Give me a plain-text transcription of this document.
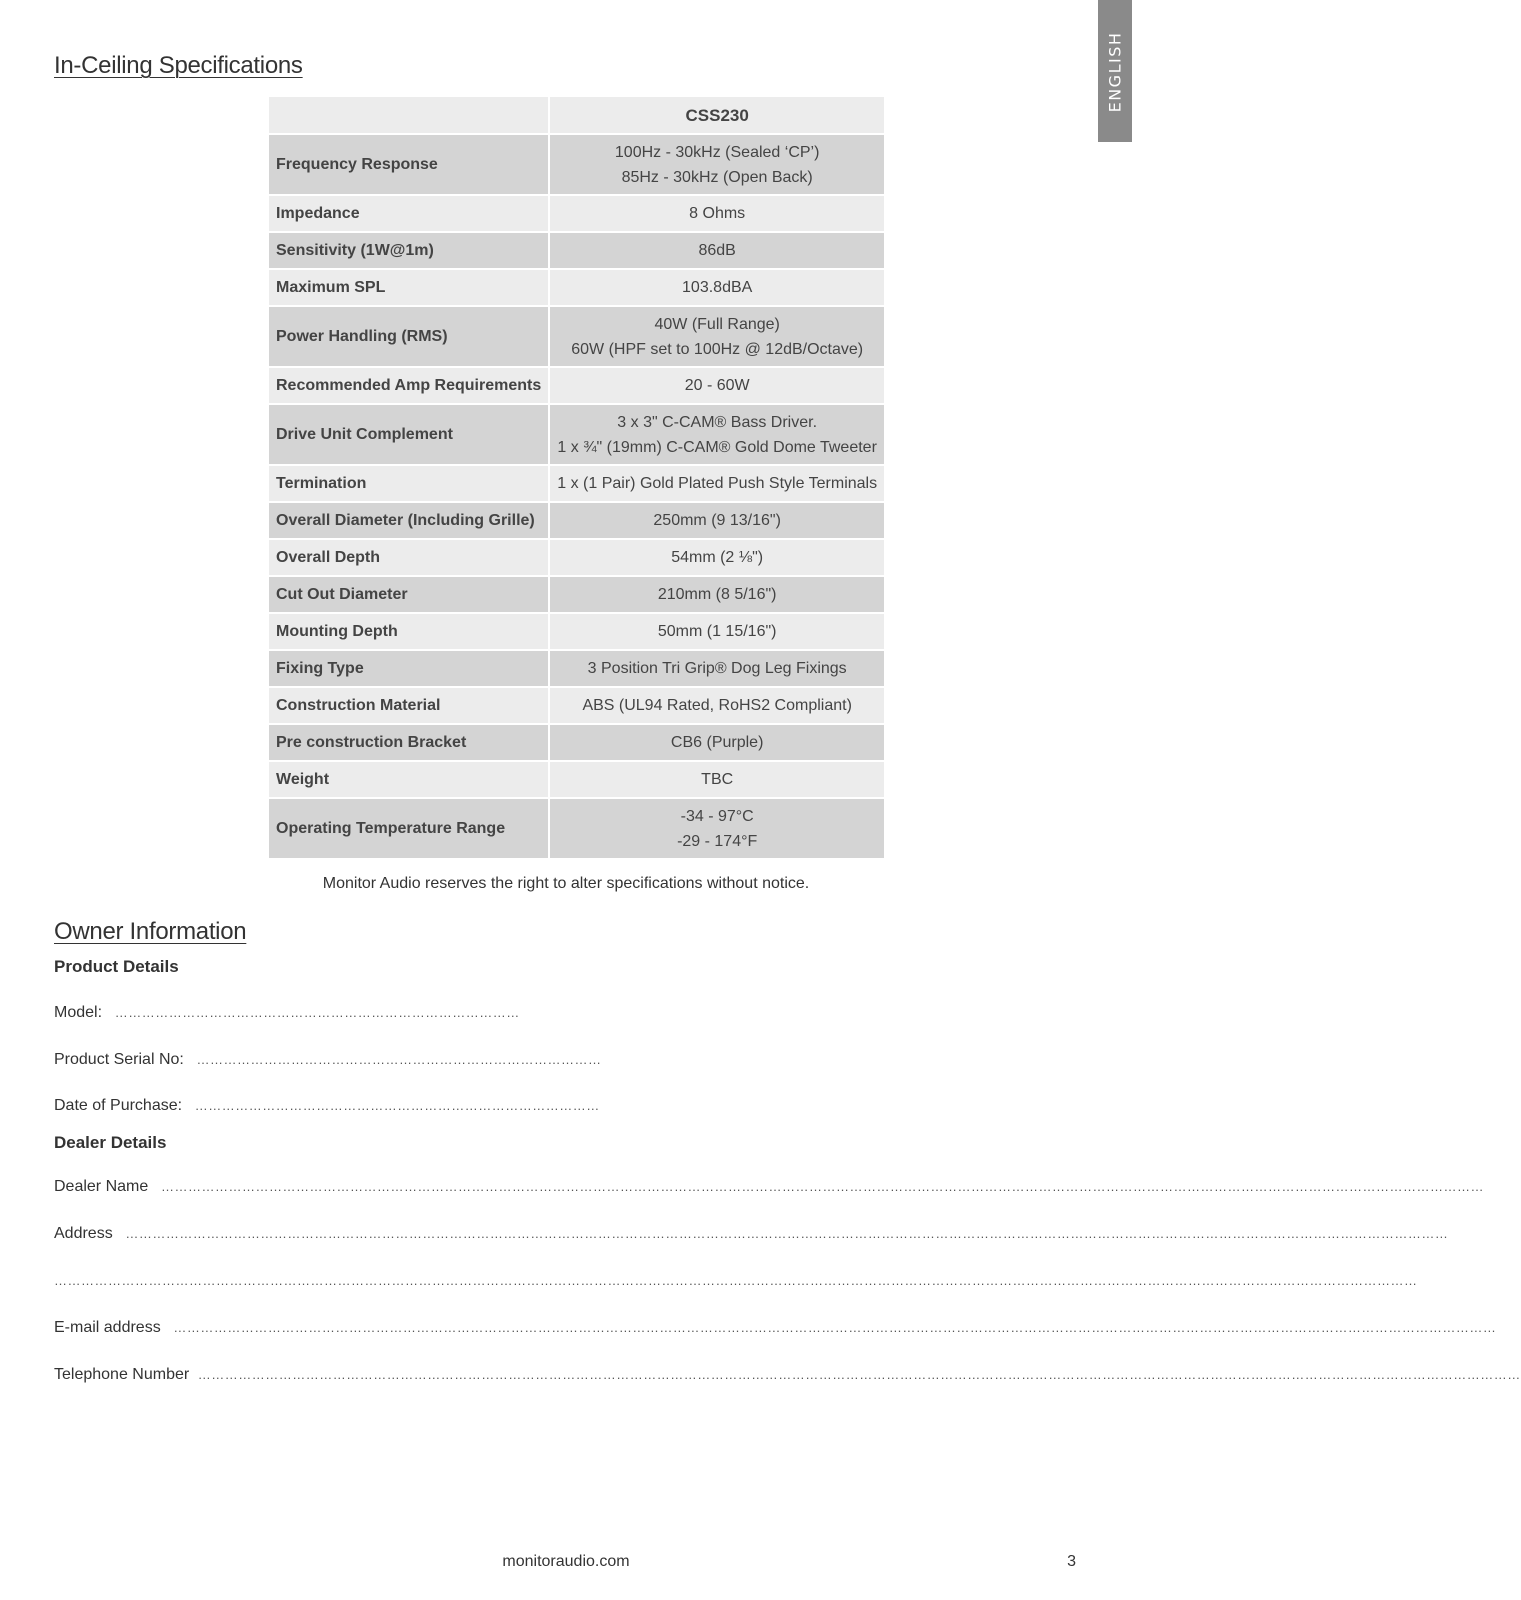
ENGLISH
In-Ceiling Specifications
	CSS230
Frequency Response	100Hz - 30kHz (Sealed ‘CP’)
85Hz - 30kHz (Open Back)

Impedance	8 Ohms

Sensitivity (1W@1m)	86dB

Maximum SPL	103.8dBA

Power Handling (RMS)	40W (Full Range)
60W (HPF set to 100Hz @ 12dB/Octave)

Recommended Amp Requirements	20 - 60W

Drive Unit Complement	3 x 3" C-CAM® Bass Driver.
1 x ¾" (19mm) C-CAM® Gold Dome Tweeter

Termination	1 x (1 Pair) Gold Plated Push Style Terminals

Overall Diameter (Including Grille)	250mm (9 13/16")

Overall Depth	54mm (2 ⅛")

Cut Out Diameter	210mm (8 5/16")

Mounting Depth	50mm (1 15/16")

Fixing Type	3 Position Tri Grip® Dog Leg Fixings

Construction Material	ABS (UL94 Rated, RoHS2 Compliant)

Pre construction Bracket	CB6 (Purple)

Weight	TBC

Operating Temperature Range	-34 - 97°C
-29 - 174°F
Monitor Audio reserves the right to alter specifications without notice.
Owner Information
Product Details
Model:   ………………………………………………………………………………
Product Serial No:   ………………………………………………………………………………
Date of Purchase:   ………………………………………………………………………………
Dealer Details
Dealer Name   ……………………………………………………………………………………………………………………………………………………………………………………………………………………………………………………………………
Address   ……………………………………………………………………………………………………………………………………………………………………………………………………………………………………………………………………
……………………………………………………………………………………………………………………………………………………………………………………………………………………………………………………………………………
E-mail address   ……………………………………………………………………………………………………………………………………………………………………………………………………………………………………………………………………
Telephone Number  ……………………………………………………………………………………………………………………………………………………………………………………………………………………………………………………………………
monitoraudio.com	3
